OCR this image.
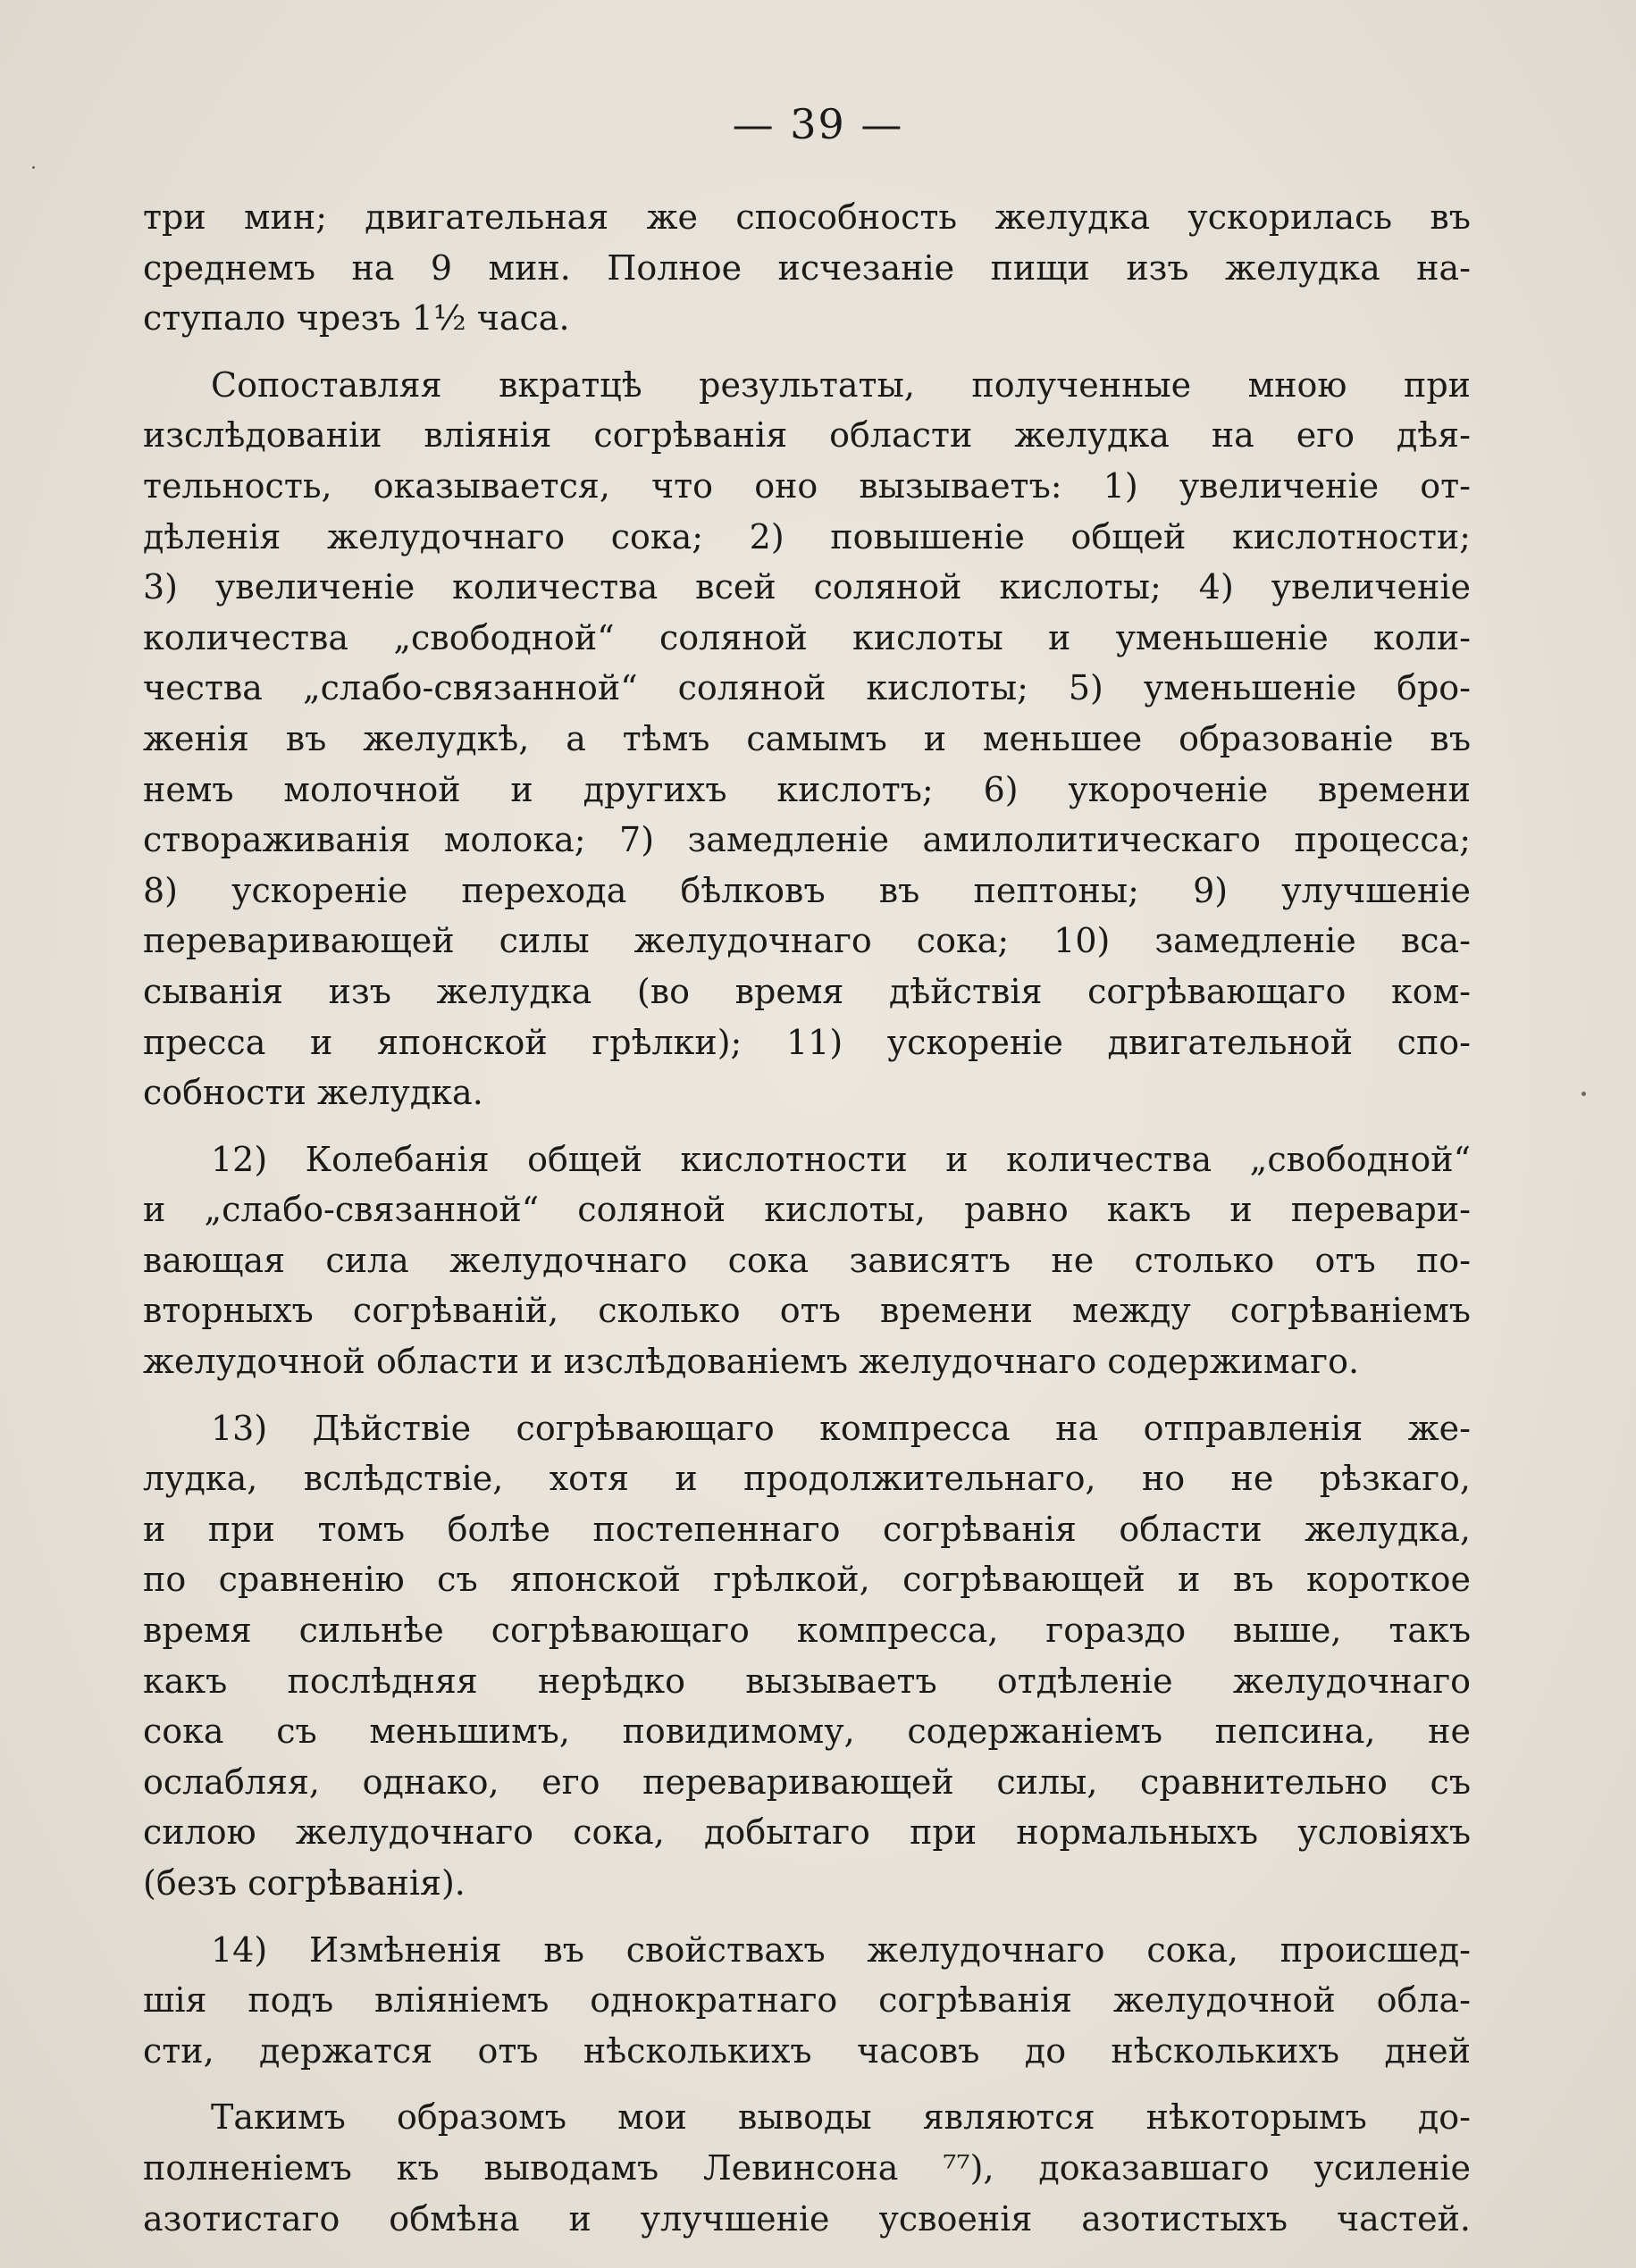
— 39 —

три мин; двигательная же способность желудка ускорилась въ
среднемъ на 9 мин. Полное исчезаніе пищи изъ желудка на-
ступало чрезъ 1½ часа.

Сопоставляя вкратцѣ результаты, полученные мною при
изслѣдованіи вліянія согрѣванія области желудка на его дѣя-
тельность, оказывается, что оно вызываетъ: 1) увеличеніе от-
дѣленія желудочнаго сока; 2) повышеніе общей кислотности;
3) увеличеніе количества всей соляной кислоты; 4) увеличеніе
количества „свободной“ соляной кислоты и уменьшеніе коли-
чества „слабо-связанной“ соляной кислоты; 5) уменьшеніе бро-
женія въ желудкѣ, а тѣмъ самымъ и меньшее образованіе въ
немъ молочной и другихъ кислотъ; 6) укороченіе времени
створаживанія молока; 7) замедленіе амилолитическаго процесса;
8) ускореніе перехода бѣлковъ въ пептоны; 9) улучшеніе
переваривающей силы желудочнаго сока; 10) замедленіе вса-
сыванія изъ желудка (во время дѣйствія согрѣвающаго ком-
пресса и японской грѣлки); 11) ускореніе двигательной спо-
собности желудка.

12) Колебанія общей кислотности и количества „свободной“
и „слабо-связанной“ соляной кислоты, равно какъ и перевари-
вающая сила желудочнаго сока зависятъ не столько отъ по-
вторныхъ согрѣваній, сколько отъ времени между согрѣваніемъ
желудочной области и изслѣдованіемъ желудочнаго содержимаго.

13) Дѣйствіе согрѣвающаго компресса на отправленія же-
лудка, вслѣдствіе, хотя и продолжительнаго, но не рѣзкаго,
и при томъ болѣе постепеннаго согрѣванія области желудка,
по сравненію съ японской грѣлкой, согрѣвающей и въ короткое
время сильнѣе согрѣвающаго компресса, гораздо выше, такъ
какъ послѣдняя нерѣдко вызываетъ отдѣленіе желудочнаго
сока съ меньшимъ, повидимому, содержаніемъ пепсина, не
ослабляя, однако, его переваривающей силы, сравнительно съ
силою желудочнаго сока, добытаго при нормальныхъ условіяхъ
(безъ согрѣванія).

14) Измѣненія въ свойствахъ желудочнаго сока, происшед-
шія подъ вліяніемъ однократнаго согрѣванія желудочной обла-
сти, держатся отъ нѣсколькихъ часовъ до нѣсколькихъ дней

Такимъ образомъ мои выводы являются нѣкоторымъ до-
полненіемъ къ выводамъ Левинсона ⁷⁷), доказавшаго усиленіе
азотистаго обмѣна и улучшеніе усвоенія азотистыхъ частей.
